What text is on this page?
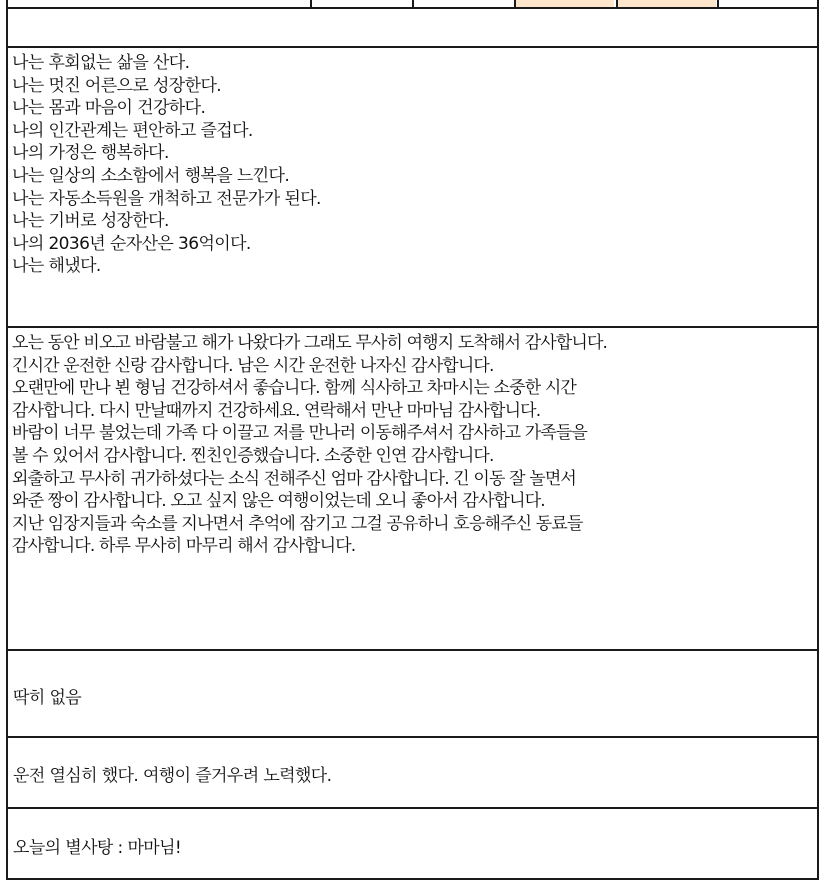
나는 후회없는 삶을 산다.
나는 멋진 어른으로 성장한다.
나는 몸과 마음이 건강하다.
나의 인간관계는 편안하고 즐겁다.
나의 가정은 행복하다.
나는 일상의 소소함에서 행복을 느낀다.
나는 자동소득원을 개척하고 전문가가 된다.
나는 기버로 성장한다.
나의 2036년 순자산은 36억이다.
나는 해냈다.
오는 동안 비오고 바람불고 해가 나왔다가 그래도 무사히 여행지 도착해서 감사합니다.
긴시간 운전한 신랑 감사합니다. 남은 시간 운전한 나자신 감사합니다.
오랜만에 만나 뵌 형님 건강하셔서 좋습니다. 함께 식사하고 차마시는 소중한 시간
감사합니다. 다시 만날때까지 건강하세요. 연락해서 만난 마마님 감사합니다.
바람이 너무 불었는데 가족 다 이끌고 저를 만나러 이동해주셔서 감사하고 가족들을
볼 수 있어서 감사합니다. 찐친인증했습니다. 소중한 인연 감사합니다.
외출하고 무사히 귀가하셨다는 소식 전해주신 엄마 감사합니다. 긴 이동 잘 놀면서
와준 짱이 감사합니다. 오고 싶지 않은 여행이었는데 오니 좋아서 감사합니다.
지난 임장지들과 숙소를 지나면서 추억에 잠기고 그걸 공유하니 호응해주신 동료들
감사합니다. 하루 무사히 마무리 해서 감사합니다.
딱히 없음
운전 열심히 했다. 여행이 즐거우려 노력했다.
오늘의 별사탕 : 마마님!
